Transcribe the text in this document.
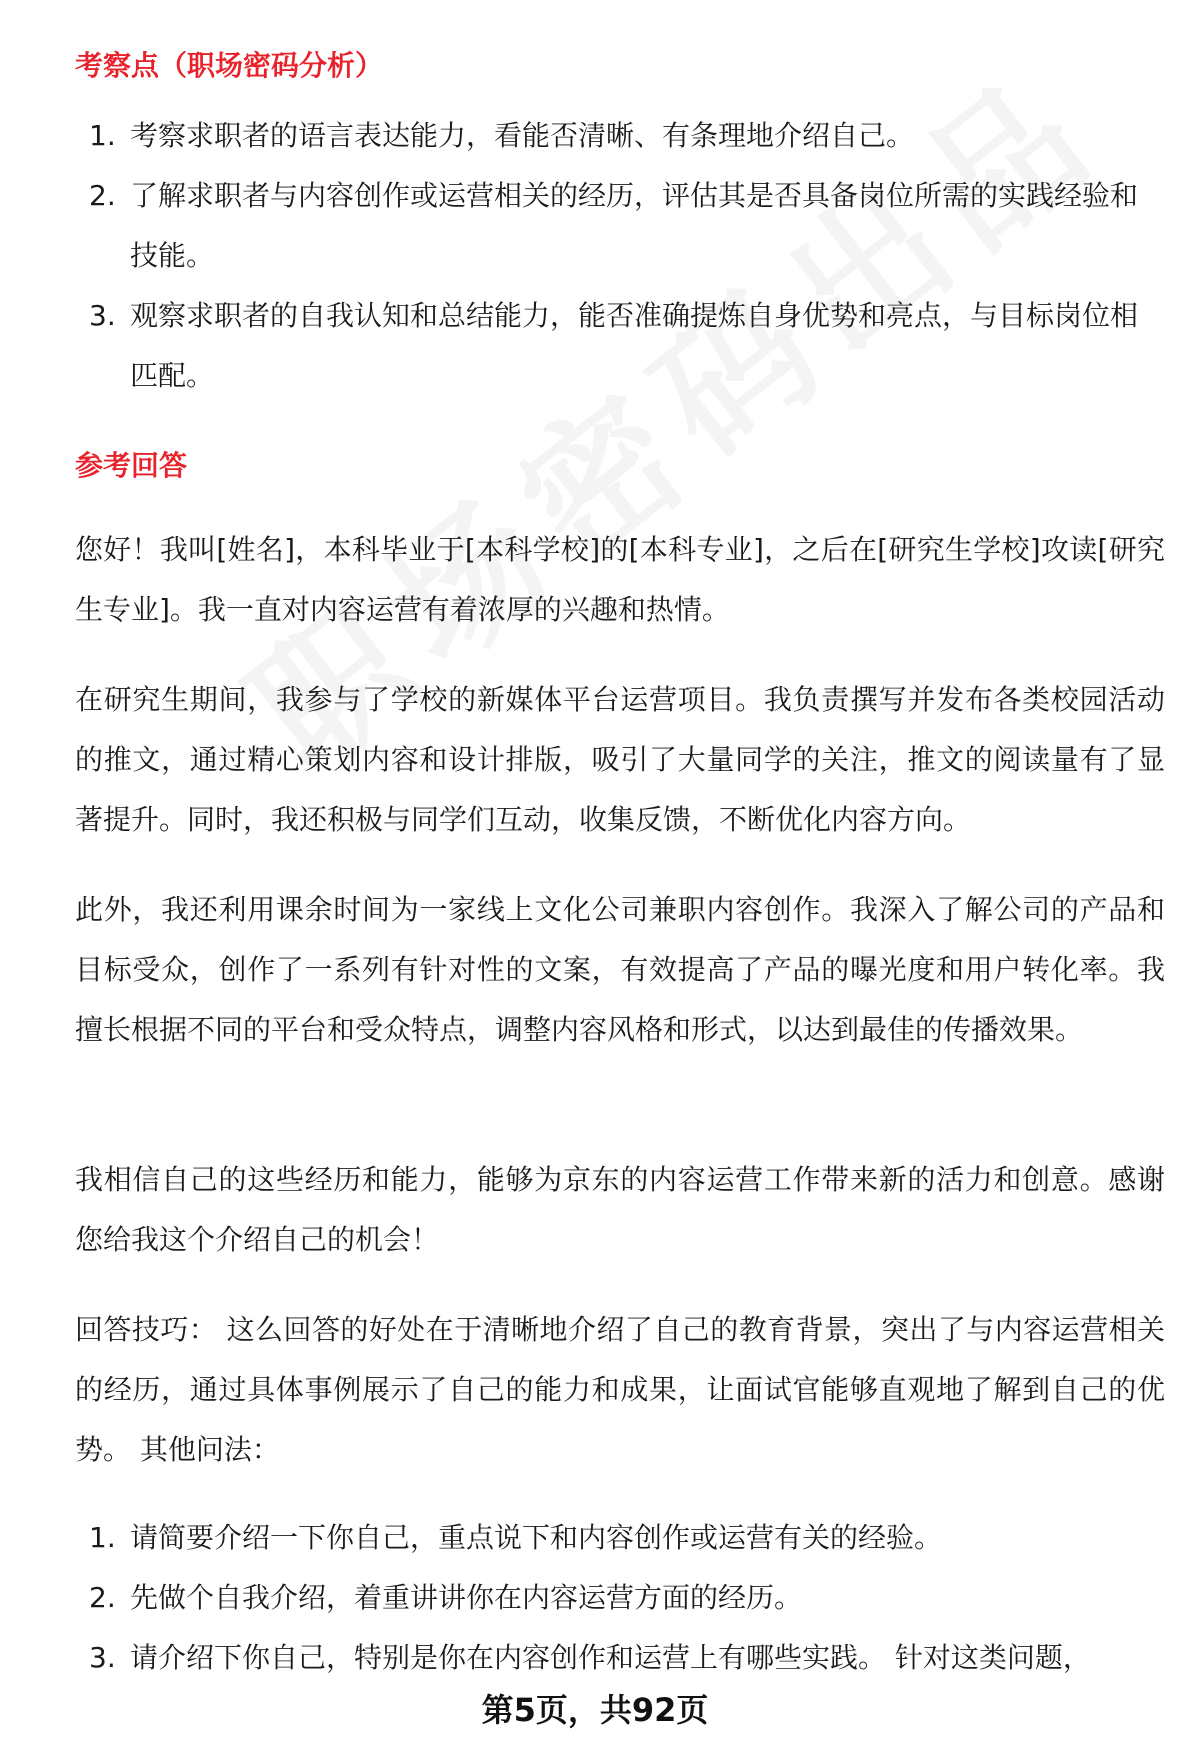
考察点（职场密码分析）
1. 考察求职者的语言表达能力，看能否清晰、有条理地介绍自己。
2. 了解求职者与内容创作或运营相关的经历，评估其是否具备岗位所需的实践经验和技能。
3. 观察求职者的自我认知和总结能力，能否准确提炼自身优势和亮点，与目标岗位相匹配。
参考回答

您好！我叫[姓名]，本科毕业于[本科学校]的[本科专业]，之后在[研究生学校]攻读[研究生专业]。我一直对内容运营有着浓厚的兴趣和热情。

在研究生期间，我参与了学校的新媒体平台运营项目。我负责撰写并发布各类校园活动的推文，通过精心策划内容和设计排版，吸引了大量同学的关注，推文的阅读量有了显著提升。同时，我还积极与同学们互动，收集反馈，不断优化内容方向。

此外，我还利用课余时间为一家线上文化公司兼职内容创作。我深入了解公司的产品和目标受众，创作了一系列有针对性的文案，有效提高了产品的曝光度和用户转化率。我擅长根据不同的平台和受众特点，调整内容风格和形式，以达到最佳的传播效果。

我相信自己的这些经历和能力，能够为京东的内容运营工作带来新的活力和创意。感谢您给我这个介绍自己的机会！

回答技巧： 这么回答的好处在于清晰地介绍了自己的教育背景，突出了与内容运营相关的经历，通过具体事例展示了自己的能力和成果，让面试官能够直观地了解到自己的优势。 其他问法：

1. 请简要介绍一下你自己，重点说下和内容创作或运营有关的经验。
2. 先做个自我介绍，着重讲讲你在内容运营方面的经历。
3. 请介绍下你自己，特别是你在内容创作和运营上有哪些实践。 针对这类问题，
第5页，共92页
